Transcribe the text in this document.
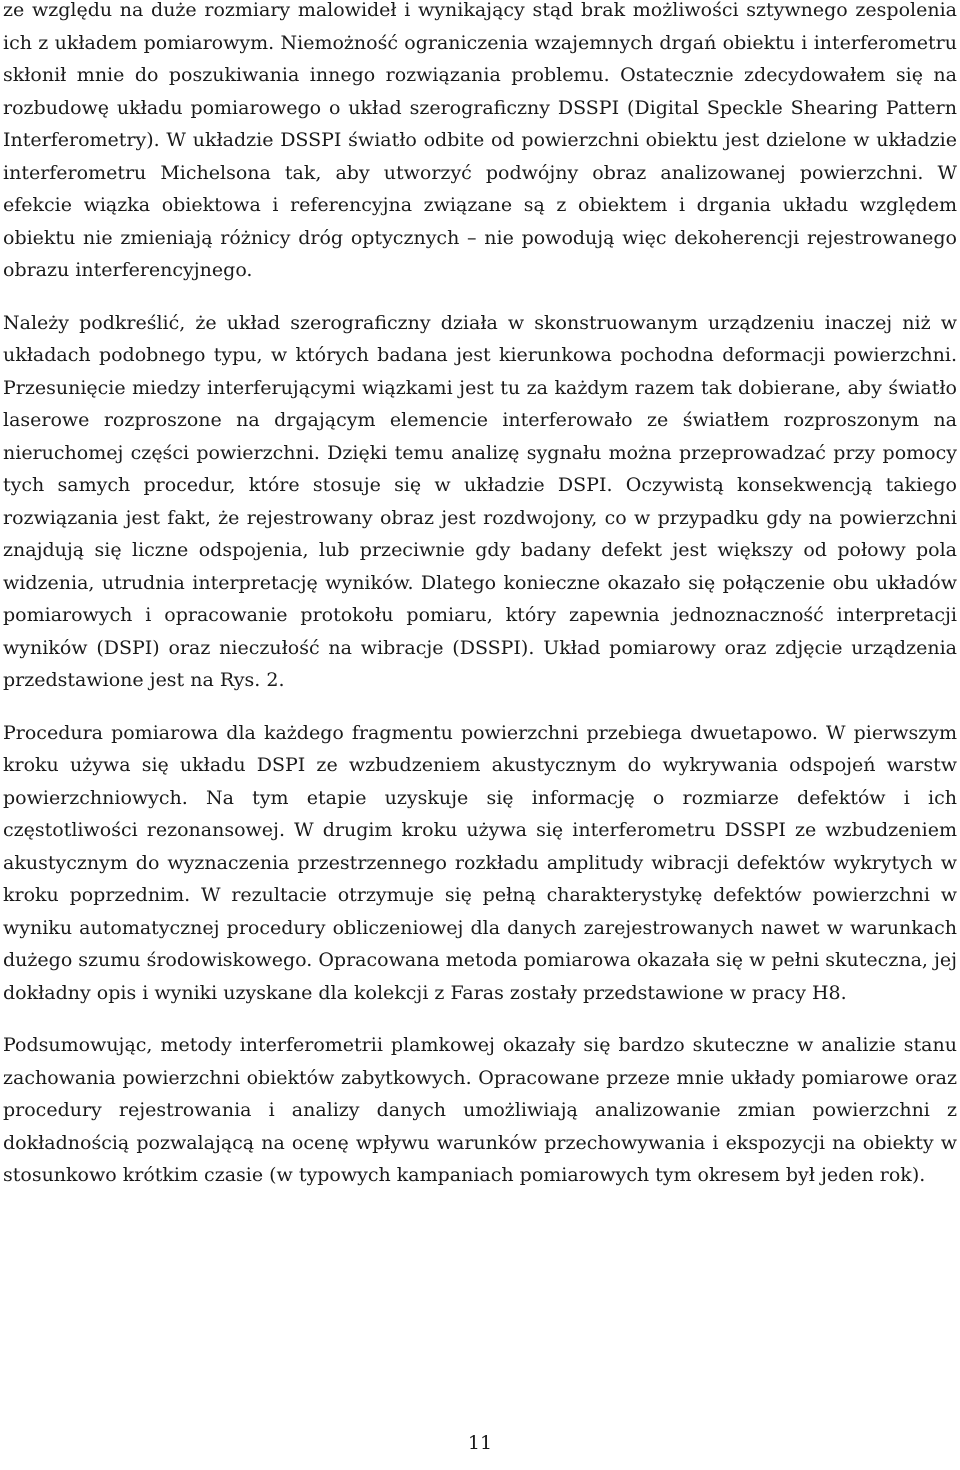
ze względu na duże rozmiary malowideł i wynikający stąd brak możliwości sztywnego zespolenia ich z układem pomiarowym. Niemożność ograniczenia wzajemnych drgań obiektu i interferometru skłonił mnie do poszukiwania innego rozwiązania problemu. Ostatecznie zdecydowałem się na rozbudowę układu pomiarowego o układ szerograficzny DSSPI (Digital Speckle Shearing Pattern Interferometry). W układzie DSSPI światło odbite od powierzchni obiektu jest dzielone w układzie interferometru Michelsona tak, aby utworzyć podwójny obraz analizowanej powierzchni. W efekcie wiązka obiektowa i referencyjna związane są z obiektem i drgania układu względem obiektu nie zmieniają różnicy dróg optycznych – nie powodują więc dekoherencji rejestrowanego obrazu interferencyjnego.

Należy podkreślić, że układ szerograficzny działa w skonstruowanym urządzeniu inaczej niż w układach podobnego typu, w których badana jest kierunkowa pochodna deformacji powierzchni. Przesunięcie miedzy interferującymi wiązkami jest tu za każdym razem tak dobierane, aby światło laserowe rozproszone na drgającym elemencie interferowało ze światłem rozproszonym na nieruchomej części powierzchni. Dzięki temu analizę sygnału można przeprowadzać przy pomocy tych samych procedur, które stosuje się w układzie DSPI. Oczywistą konsekwencją takiego rozwiązania jest fakt, że rejestrowany obraz jest rozdwojony, co w przypadku gdy na powierzchni znajdują się liczne odspojenia, lub przeciwnie gdy badany defekt jest większy od połowy pola widzenia, utrudnia interpretację wyników. Dlatego konieczne okazało się połączenie obu układów pomiarowych i opracowanie protokołu pomiaru, który zapewnia jednoznaczność interpretacji wyników (DSPI) oraz nieczułość na wibracje (DSSPI). Układ pomiarowy oraz zdjęcie urządzenia przedstawione jest na Rys. 2.

Procedura pomiarowa dla każdego fragmentu powierzchni przebiega dwuetapowo. W pierwszym kroku używa się układu DSPI ze wzbudzeniem akustycznym do wykrywania odspojeń warstw powierzchniowych. Na tym etapie uzyskuje się informację o rozmiarze defektów i ich częstotliwości rezonansowej. W drugim kroku używa się interferometru DSSPI ze wzbudzeniem akustycznym do wyznaczenia przestrzennego rozkładu amplitudy wibracji defektów wykrytych w kroku poprzednim. W rezultacie otrzymuje się pełną charakterystykę defektów powierzchni w wyniku automatycznej procedury obliczeniowej dla danych zarejestrowanych nawet w warunkach dużego szumu środowiskowego. Opracowana metoda pomiarowa okazała się w pełni skuteczna, jej dokładny opis i wyniki uzyskane dla kolekcji z Faras zostały przedstawione w pracy H8.

Podsumowując, metody interferometrii plamkowej okazały się bardzo skuteczne w analizie stanu zachowania powierzchni obiektów zabytkowych. Opracowane przeze mnie układy pomiarowe oraz procedury rejestrowania i analizy danych umożliwiają analizowanie zmian powierzchni z dokładnością pozwalającą na ocenę wpływu warunków przechowywania i ekspozycji na obiekty w stosunkowo krótkim czasie (w typowych kampaniach pomiarowych tym okresem był jeden rok).

11
